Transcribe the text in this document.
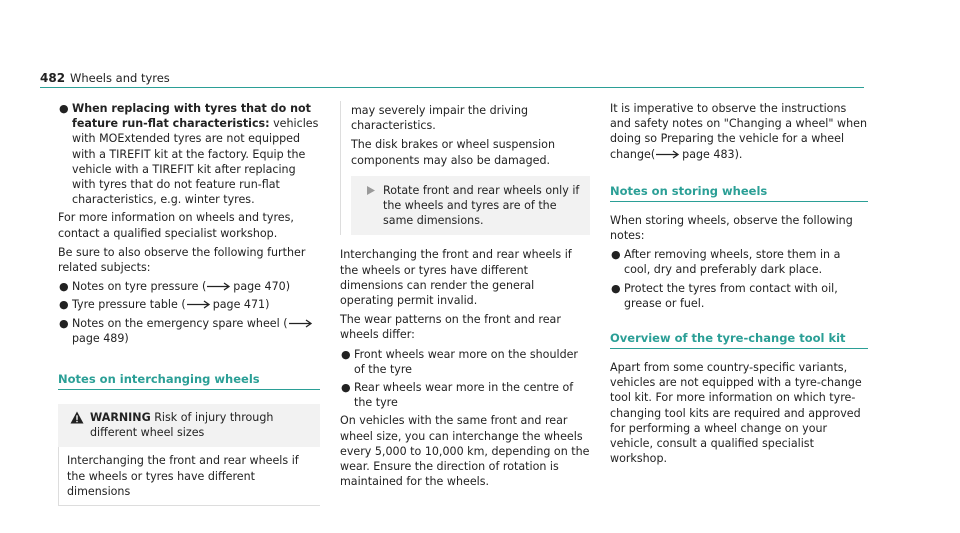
482 Wheels and tyres
● When replacing with tyres that do not feature run-flat characteristics: vehicles with MOExtended tyres are not equipped with a TIREFIT kit at the factory. Equip the vehicle with a TIREFIT kit after replacing with tyres that do not feature run-flat characteristics, e.g. winter tyres.

For more information on wheels and tyres, contact a qualified specialist workshop.

Be sure to also observe the following further related subjects:

● Notes on tyre pressure ( page 470)
● Tyre pressure table ( page 471)
● Notes on the emergency spare wheel (page 489)
Notes on interchanging wheels
WARNING Risk of injury through different wheel sizes
Interchanging the front and rear wheels if the wheels or tyres have different dimensions

may severely impair the driving characteristics.

The disk brakes or wheel suspension components may also be damaged.

Rotate front and rear wheels only if the wheels and tyres are of the same dimensions.

Interchanging the front and rear wheels if the wheels or tyres have different dimensions can render the general operating permit invalid.

The wear patterns on the front and rear wheels differ:

● Front wheels wear more on the shoulder of the tyre
● Rear wheels wear more in the centre of the tyre

On vehicles with the same front and rear wheel size, you can interchange the wheels every 5,000 to 10,000 km, depending on the wear. Ensure the direction of rotation is maintained for the wheels.

It is imperative to observe the instructions and safety notes on "Changing a wheel" when doing so Preparing the vehicle for a wheel change( page 483).

Notes on storing wheels

When storing wheels, observe the following notes:

● After removing wheels, store them in a cool, dry and preferably dark place.
● Protect the tyres from contact with oil, grease or fuel.
Overview of the tyre-change tool kit

Apart from some country-specific variants, vehicles are not equipped with a tyre-change tool kit. For more information on which tyre-changing tool kits are required and approved for performing a wheel change on your vehicle, consult a qualified specialist workshop.
